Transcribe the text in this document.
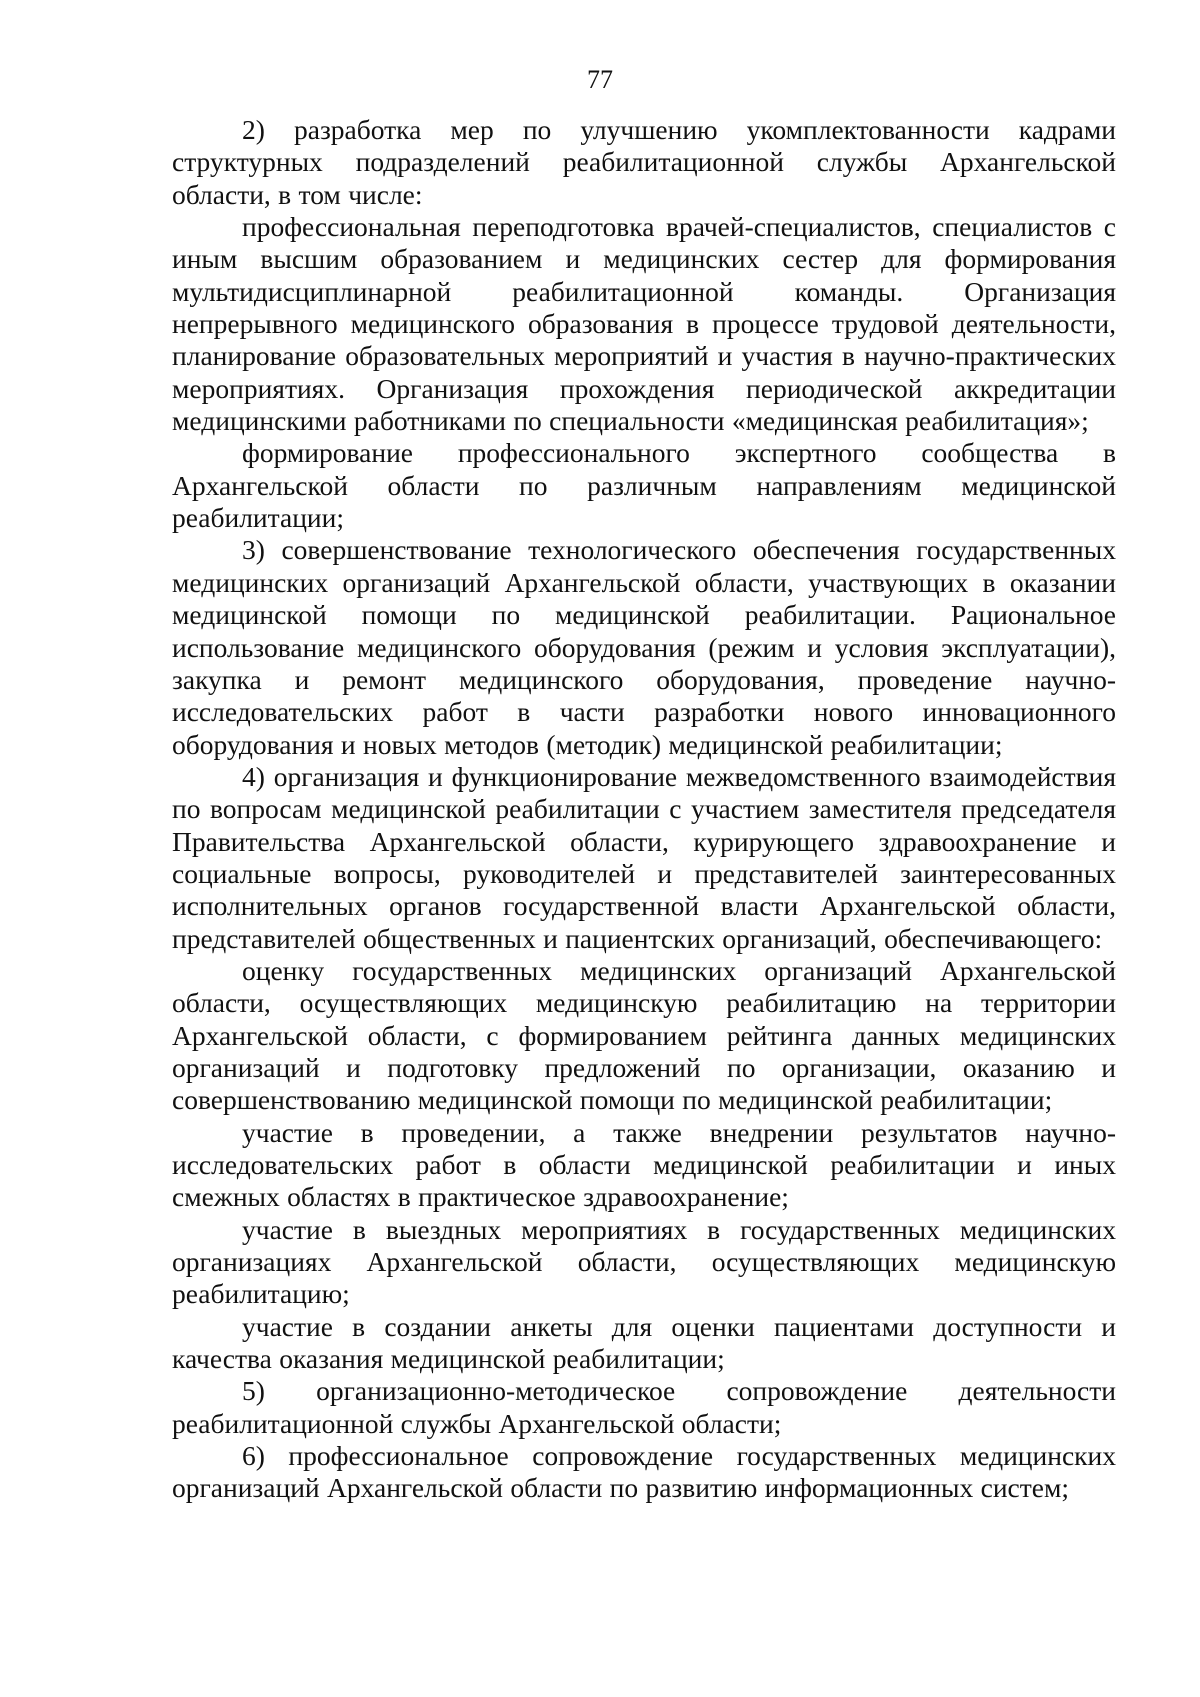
77

2) разработка мер по улучшению укомплектованности кадрами структурных подразделений реабилитационной службы Архангельской области, в том числе:

профессиональная переподготовка врачей-специалистов, специалистов с иным высшим образованием и медицинских сестер для формирования мультидисциплинарной реабилитационной команды. Организация непрерывного медицинского образования в процессе трудовой деятельности, планирование образовательных мероприятий и участия в научно-практических мероприятиях. Организация прохождения периодической аккредитации медицинскими работниками по специальности «медицинская реабилитация»;

формирование профессионального экспертного сообщества в Архангельской области по различным направлениям медицинской реабилитации;

3) совершенствование технологического обеспечения государственных медицинских организаций Архангельской области, участвующих в оказании медицинской помощи по медицинской реабилитации. Рациональное использование медицинского оборудования (режим и условия эксплуатации), закупка и ремонт медицинского оборудования, проведение научно-исследовательских работ в части разработки нового инновационного оборудования и новых методов (методик) медицинской реабилитации;

4) организация и функционирование межведомственного взаимодействия по вопросам медицинской реабилитации с участием заместителя председателя Правительства Архангельской области, курирующего здравоохранение и социальные вопросы, руководителей и представителей заинтересованных исполнительных органов государственной власти Архангельской области, представителей общественных и пациентских организаций, обеспечивающего:

оценку государственных медицинских организаций Архангельской области, осуществляющих медицинскую реабилитацию на территории Архангельской области, с формированием рейтинга данных медицинских организаций и подготовку предложений по организации, оказанию и совершенствованию медицинской помощи по медицинской реабилитации;

участие в проведении, а также внедрении результатов научно-исследовательских работ в области медицинской реабилитации и иных смежных областях в практическое здравоохранение;

участие в выездных мероприятиях в государственных медицинских организациях Архангельской области, осуществляющих медицинскую реабилитацию;

участие в создании анкеты для оценки пациентами доступности и качества оказания медицинской реабилитации;

5) организационно-методическое сопровождение деятельности реабилитационной службы Архангельской области;

6) профессиональное сопровождение государственных медицинских организаций Архангельской области по развитию информационных систем;
